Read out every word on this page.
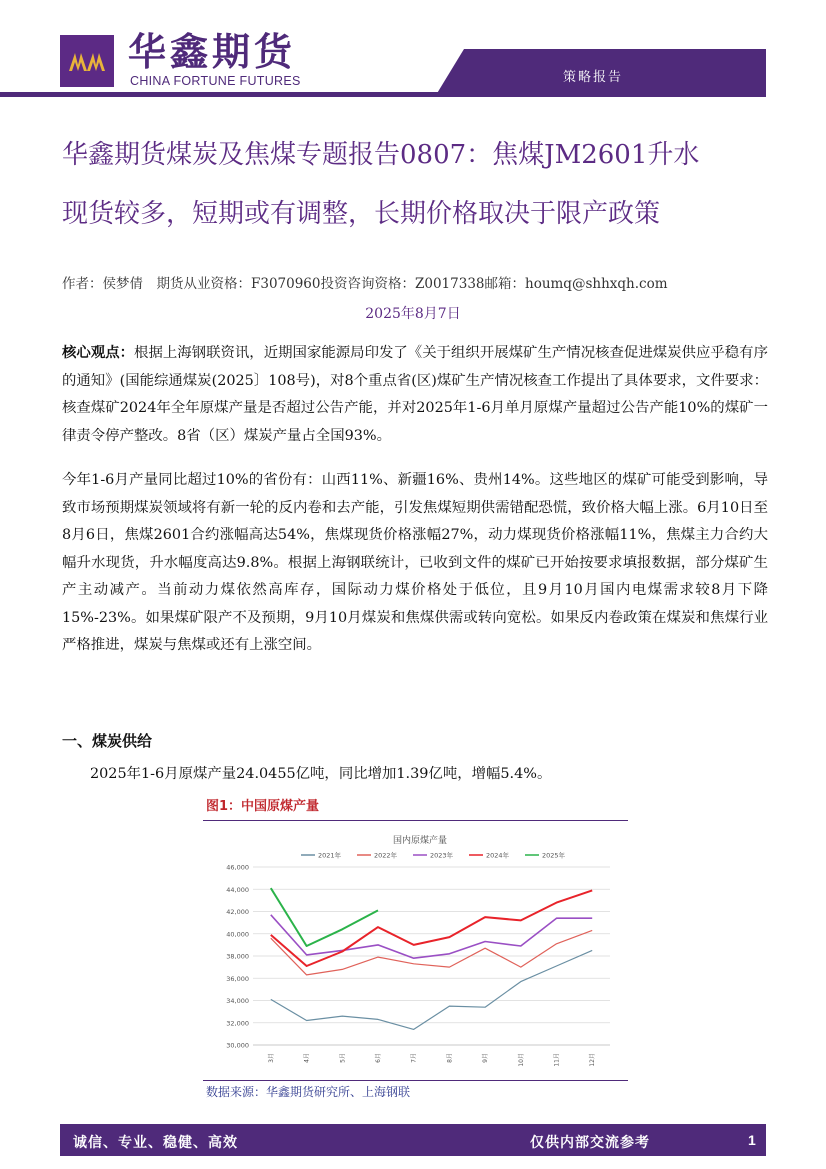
华鑫期货
CHINA FORTUNE FUTURES	策略报告
华鑫期货煤炭及焦煤专题报告0807：焦煤JM2601升水
现货较多，短期或有调整，长期价格取决于限产政策
作者：侯梦倩　期货从业资格：F3070960投资咨询资格：Z0017338邮箱：houmq@shhxqh.com
2025年8月7日
核心观点：根据上海钢联资讯，近期国家能源局印发了《关于组织开展煤矿生产情况核查促进煤炭供应乎稳有序的通知》(国能综通煤炭(2025〕108号)，对8个重点省(区)煤矿生产情况核查工作提出了具体要求，文件要求：核查煤矿2024年全年原煤产量是否超过公告产能，并对2025年1-6月单月原煤产量超过公告产能10%的煤矿一律责令停产整改。8省（区）煤炭产量占全国93%。
今年1-6月产量同比超过10%的省份有：山西11%、新疆16%、贵州14%。这些地区的煤矿可能受到影响，导致市场预期煤炭领域将有新一轮的反内卷和去产能，引发焦煤短期供需错配恐慌，致价格大幅上涨。6月10日至8月6日，焦煤2601合约涨幅高达54%，焦煤现货价格涨幅27%，动力煤现货价格涨幅11%，焦煤主力合约大幅升水现货，升水幅度高达9.8%。根据上海钢联统计，已收到文件的煤矿已开始按要求填报数据，部分煤矿生产主动减产。当前动力煤依然高库存，国际动力煤价格处于低位，且9月10月国内电煤需求较8月下降15%-23%。如果煤矿限产不及预期，9月10月煤炭和焦煤供需或转向宽松。如果反内卷政策在煤炭和焦煤行业严格推进，煤炭与焦煤或还有上涨空间。
一、煤炭供给
2025年1-6月原煤产量24.0455亿吨，同比增加1.39亿吨，增幅5.4%。
图1：中国原煤产量
国内原煤产量
2021年	2022年	2023年	2024年	2025年
30,000
32,000
34,000
36,000
38,000
40,000
42,000
44,000
46,000
3月	4月	5月	6月	7月	8月	9月	10月	11月	12月
数据来源：华鑫期货研究所、上海钢联
诚信、专业、稳健、高效	仅供内部交流参考	1
